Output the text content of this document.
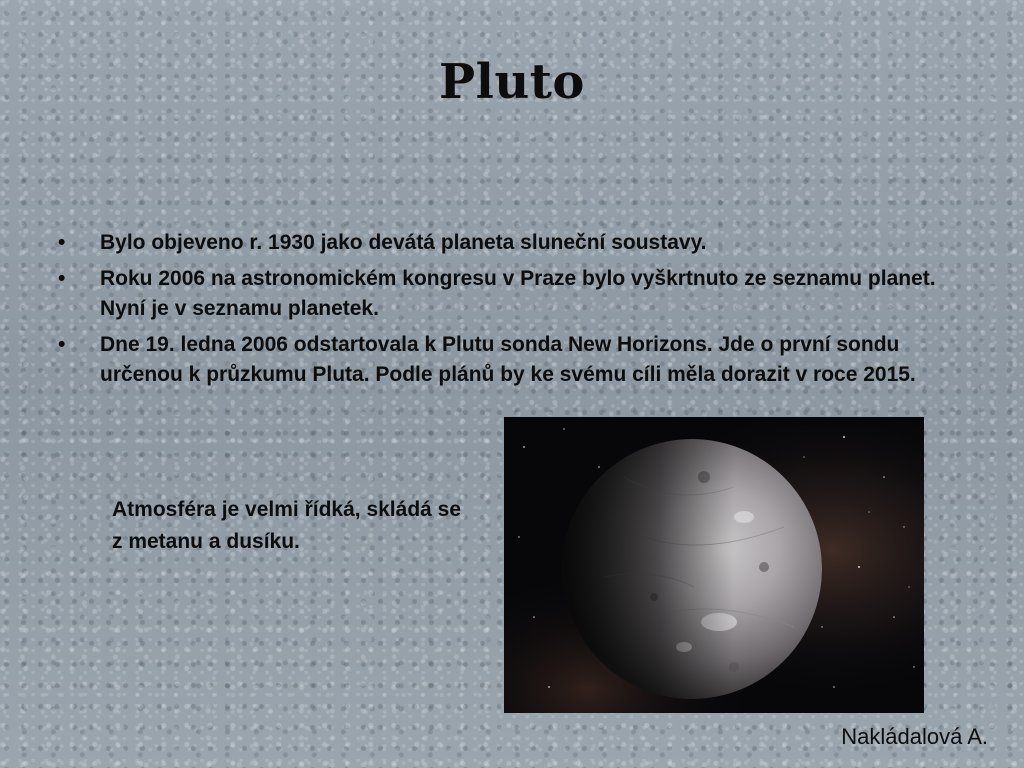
Pluto
•	Bylo objeveno r. 1930 jako devátá planeta sluneční soustavy.
•	Roku 2006 na astronomickém kongresu v Praze bylo vyškrtnuto ze seznamu planet. Nyní je v seznamu planetek.
•	Dne 19. ledna 2006 odstartovala k Plutu sonda New Horizons. Jde o první sondu určenou k průzkumu Pluta. Podle plánů by ke svému cíli měla dorazit v roce 2015.
Atmosféra je velmi řídká, skládá se z metanu a dusíku.
Nakládalová A.
